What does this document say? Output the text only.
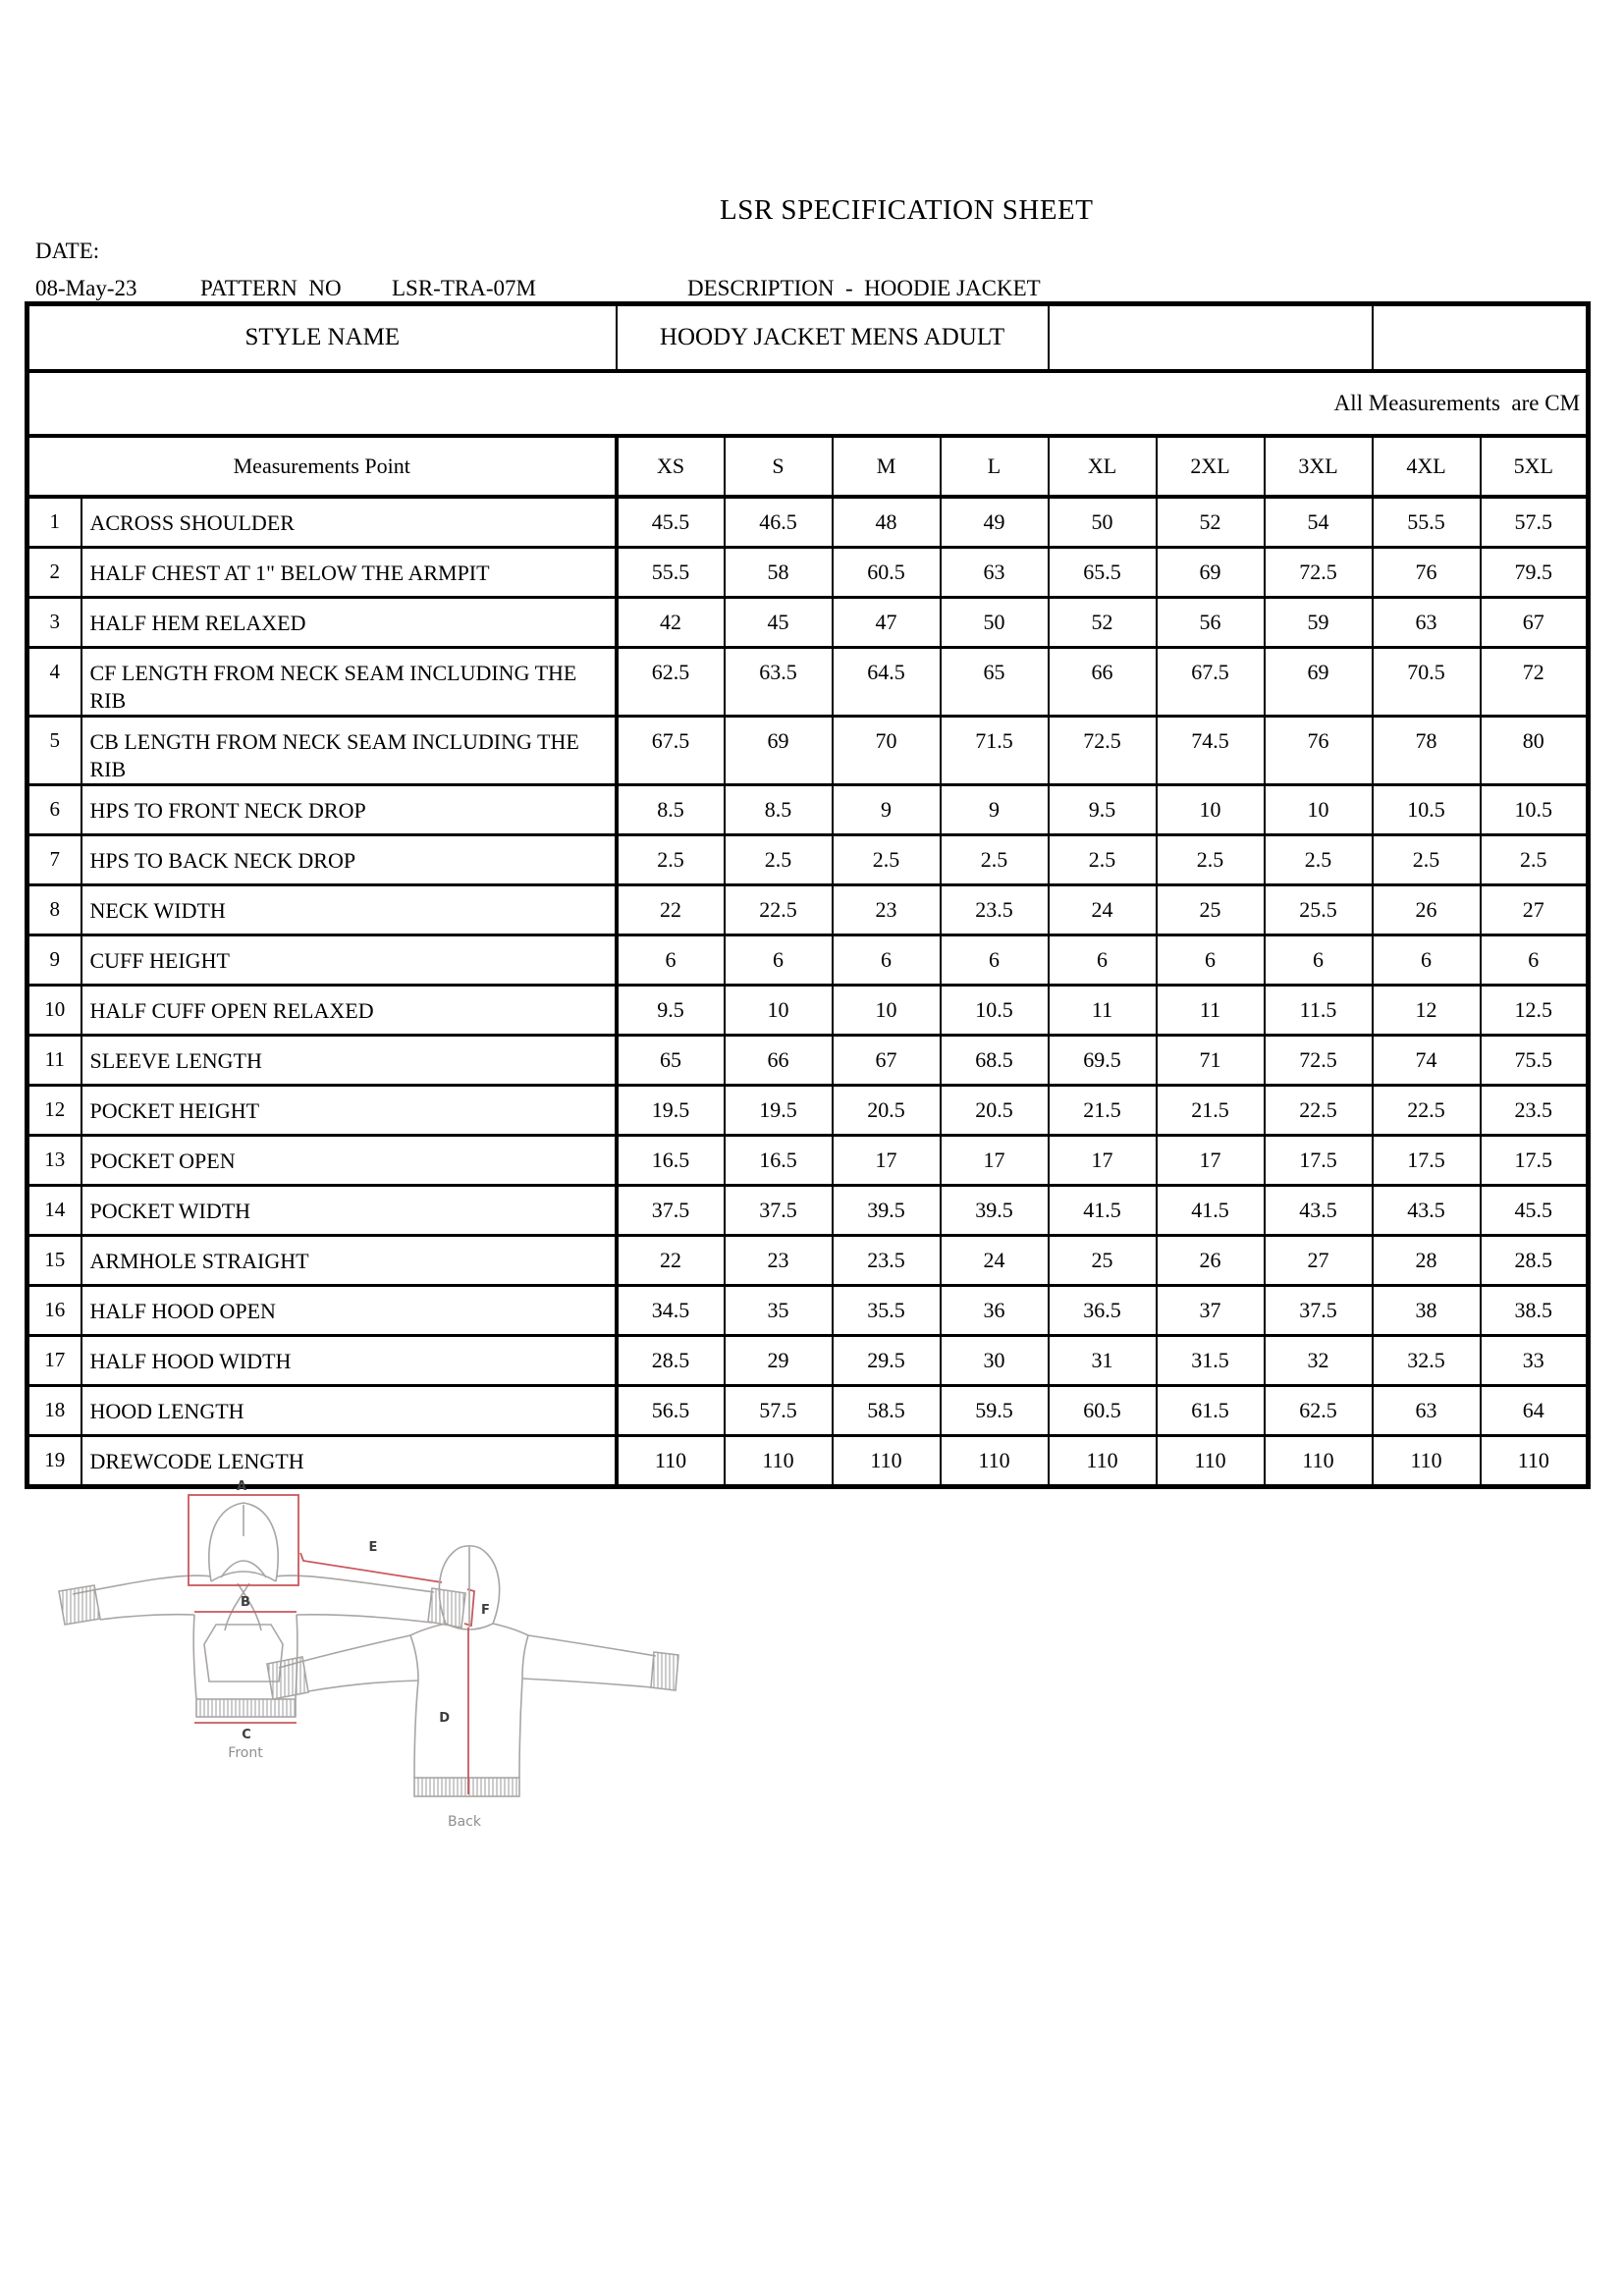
LSR SPECIFICATION SHEET
DATE:
08-May-23	PATTERN  NO LSR-TRA-07M	DESCRIPTION  -  HOODIE JACKET
STYLE NAME		HOODY JACKET MENS ADULT								
All Measurements  are CM										
Measurements Point		XS	S	M	L	XL	2XL	3XL	4XL	5XL
1	ACROSS SHOULDER	45.5	46.5	48	49	50	52	54	55.5	57.5
2	HALF CHEST AT 1" BELOW THE ARMPIT	55.5	58	60.5	63	65.5	69	72.5	76	79.5
3	HALF HEM RELAXED	42	45	47	50	52	56	59	63	67
4	CF LENGTH FROM NECK SEAM INCLUDING THE RIB	62.5	63.5	64.5	65	66	67.5	69	70.5	72
5	CB LENGTH FROM NECK SEAM INCLUDING THE RIB	67.5	69	70	71.5	72.5	74.5	76	78	80
6	HPS TO FRONT NECK DROP	8.5	8.5	9	9	9.5	10	10	10.5	10.5
7	HPS TO BACK NECK DROP	2.5	2.5	2.5	2.5	2.5	2.5	2.5	2.5	2.5
8	NECK WIDTH	22	22.5	23	23.5	24	25	25.5	26	27
9	CUFF HEIGHT	6	6	6	6	6	6	6	6	6
10	HALF CUFF OPEN RELAXED	9.5	10	10	10.5	11	11	11.5	12	12.5
11	SLEEVE LENGTH	65	66	67	68.5	69.5	71	72.5	74	75.5
12	POCKET HEIGHT	19.5	19.5	20.5	20.5	21.5	21.5	22.5	22.5	23.5
13	POCKET OPEN	16.5	16.5	17	17	17	17	17.5	17.5	17.5
14	POCKET WIDTH	37.5	37.5	39.5	39.5	41.5	41.5	43.5	43.5	45.5
15	ARMHOLE STRAIGHT	22	23	23.5	24	25	26	27	28	28.5
16	HALF HOOD OPEN	34.5	35	35.5	36	36.5	37	37.5	38	38.5
17	HALF HOOD WIDTH	28.5	29	29.5	30	31	31.5	32	32.5	33
18	HOOD LENGTH	56.5	57.5	58.5	59.5	60.5	61.5	62.5	63	64
19	DREWCODE LENGTH	110	110	110	110	110	110	110	110	110
A
B
C
E
F
Front
D
Back
